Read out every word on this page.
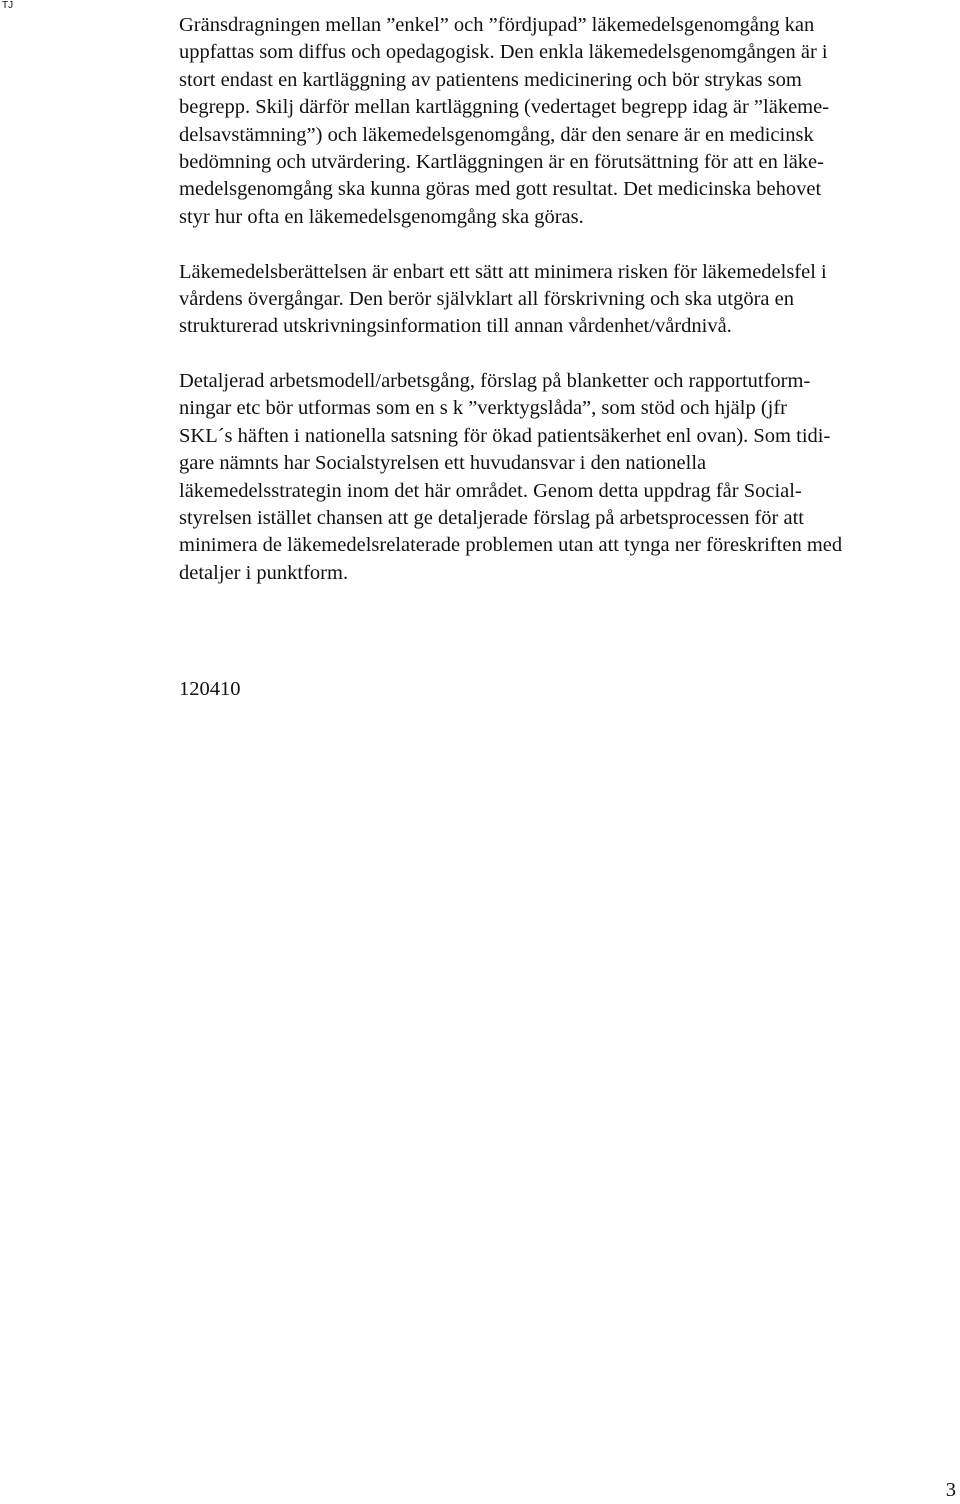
TJ
Gränsdragningen mellan ”enkel” och ”fördjupad” läkemedelsgenomgång kan
uppfattas som diffus och opedagogisk. Den enkla läkemedelsgenomgången är i
stort endast en kartläggning av patientens medicinering och bör strykas som
begrepp. Skilj därför mellan kartläggning (vedertaget begrepp idag är ”läkeme-
delsavstämning”) och läkemedelsgenomgång, där den senare är en medicinsk
bedömning och utvärdering. Kartläggningen är en förutsättning för att en läke-
medelsgenomgång ska kunna göras med gott resultat. Det medicinska behovet
styr hur ofta en läkemedelsgenomgång ska göras.
Läkemedelsberättelsen är enbart ett sätt att minimera risken för läkemedelsfel i
vårdens övergångar. Den berör självklart all förskrivning och ska utgöra en
strukturerad utskrivningsinformation till annan vårdenhet/vårdnivå.
Detaljerad arbetsmodell/arbetsgång, förslag på blanketter och rapportutform-
ningar etc bör utformas som en s k ”verktygslåda”, som stöd och hjälp (jfr
SKL´s häften i nationella satsning för ökad patientsäkerhet enl ovan). Som tidi-
gare nämnts har Socialstyrelsen ett huvudansvar i den nationella
läkemedelsstrategin inom det här området. Genom detta uppdrag får Social-
styrelsen istället chansen att ge detaljerade förslag på arbetsprocessen för att
minimera de läkemedelsrelaterade problemen utan att tynga ner föreskriften med
detaljer i punktform.
120410
3
